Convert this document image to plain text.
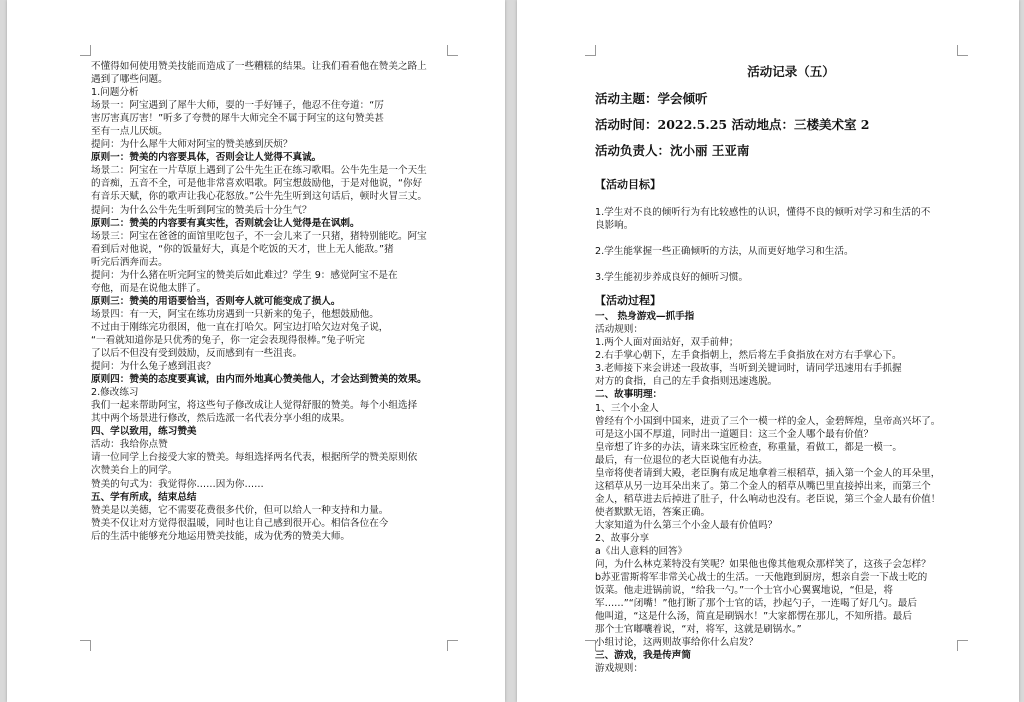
不懂得如何使用赞美技能而造成了一些糟糕的结果。让我们看看他在赞美之路上

遇到了哪些问题。

1.问题分析

场景一：阿宝遇到了犀牛大师，耍的一手好锤子，他忍不住夸道：“厉

害厉害真厉害！”听多了夸赞的犀牛大师完全不属于阿宝的这句赞美甚

至有一点儿厌烦。

提问：为什么犀牛大师对阿宝的赞美感到厌烦？

原则一：赞美的内容要具体，否则会让人觉得不真诚。

场景二：阿宝在一片草原上遇到了公牛先生正在练习歌唱。公牛先生是一个天生

的音痴，五音不全，可是他非常喜欢唱歌。阿宝想鼓励他，于是对他说，“你好

有音乐天赋，你的歌声让我心花怒放。”公牛先生听到这句话后，顿时火冒三丈。

提问：为什么公牛先生听到阿宝的赞美后十分生气？

原则二：赞美的内容要有真实性，否则就会让人觉得是在讽刺。

场景三：阿宝在爸爸的面馆里吃包子，不一会儿来了一只猪，猪特别能吃。阿宝

看到后对他说，“你的饭量好大，真是个吃饭的天才，世上无人能敌。”猪

听完后洒奔而去。

提问：为什么猪在听完阿宝的赞美后如此难过？学生 9：感觉阿宝不是在

夸他，而是在说他太胖了。

原则三：赞美的用语要恰当，否则夸人就可能变成了损人。

场景四：有一天，阿宝在练功房遇到一只新来的兔子，他想鼓励他。

不过由于刚练完功很困，他一直在打哈欠。阿宝边打哈欠边对兔子说，

“一看就知道你是只优秀的兔子，你一定会表现得很棒。”兔子听完

了以后不但没有受到鼓励，反而感到有一些沮丧。

提问：为什么兔子感到沮丧？

原则四：赞美的态度要真诚，由内而外地真心赞美他人，才会达到赞美的效果。

2.修改练习

我们一起来帮助阿宝，将这些句子修改成让人觉得舒服的赞美。每个小组选择

其中两个场景进行修改，然后选派一名代表分享小组的成果。

四、学以致用，练习赞美

活动：我给你点赞

请一位同学上台接受大家的赞美。每组选择两名代表，根据所学的赞美原则依

次赞美台上的同学。

赞美的句式为：我觉得你……因为你……

五、学有所成，结束总结

赞美是以美德，它不需要花费很多代价，但可以给人一种支持和力量。

赞美不仅让对方觉得很温暖，同时也让自己感到很开心。相信各位在今

后的生活中能够充分地运用赞美技能，成为优秀的赞美大师。

活动记录（五）

活动主题：学会倾听

活动时间：2022.5.25 活动地点：三楼美术室 2

活动负责人：沈小丽 王亚南

【活动目标】

1.学生对不良的倾听行为有比较感性的认识，懂得不良的倾听对学习和生活的不

良影响。

2.学生能掌握一些正确倾听的方法，从而更好地学习和生活。

3.学生能初步养成良好的倾听习惯。

【活动过程】

一、 热身游戏—抓手指

活动规则：

1.两个人面对面站好，双手前伸；

2.右手掌心朝下，左手食指朝上，然后将左手食指放在对方右手掌心下。

3.老师接下来会讲述一段故事，当听到关键词时，请同学迅速用右手抓握

对方的食指，自己的左手食指则迅速逃脱。

二、故事明理：

1、三个小金人

曾经有个小国到中国来，进贡了三个一模一样的金人，金碧辉煌，皇帝高兴坏了。

可是这小国不厚道，同时出一道题目：这三个金人哪个最有价值？

皇帝想了许多的办法，请来珠宝匠检查，称重量，看做工，都是一模一。

最后，有一位退位的老大臣说他有办法。

皇帝将使者请到大殿，老臣胸有成足地拿着三根稻草，插入第一个金人的耳朵里，

这稻草从另一边耳朵出来了。第二个金人的稻草从嘴巴里直接掉出来，而第三个

金人，稻草进去后掉进了肚子，什么响动也没有。老臣说，第三个金人最有价值！

使者默默无语，答案正确。

大家知道为什么第三个小金人最有价值吗？

2、故事分享

a《出人意料的回答》

问，为什么林克莱特没有笑呢？如果他也像其他观众那样笑了，这孩子会怎样？

b苏亚雷斯将军非常关心战士的生活。一天他跑到厨房，想亲自尝一下战士吃的

饭菜。他走进锅前说，“给我一勺。”一个士官小心翼翼地说，“但是，将

军……”“闭嘴！”他打断了那个士官的话，抄起勺子，一连喝了好几勺。最后

他叫道，“这是什么汤，简直是刷锅水！”大家都愣在那儿，不知所措。最后

那个士官嘟囔着说，“对，将军，这就是刷锅水。”

小组讨论，这两则故事给你什么启发？

三、游戏，我是传声筒

游戏规则：
